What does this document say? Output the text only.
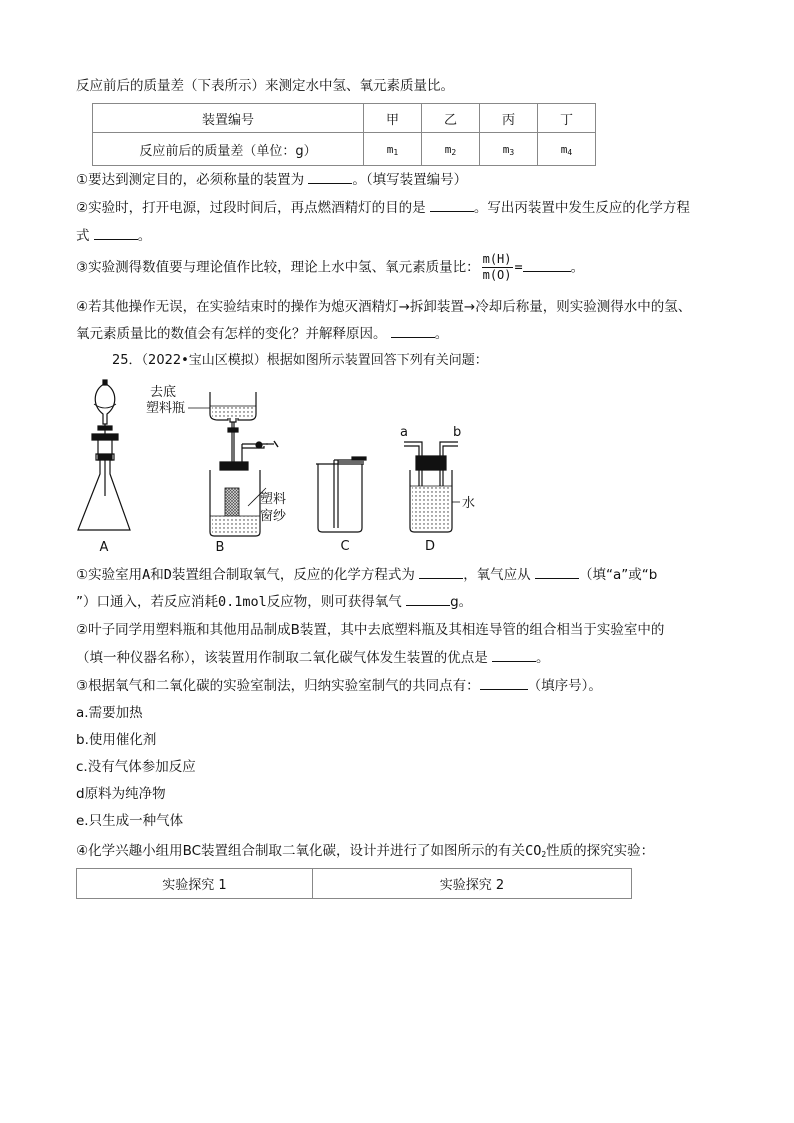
反应前后的质量差（下表所示）来测定水中氢、氧元素质量比。
装置编号	甲	乙	丙	丁
反应前后的质量差（单位：g）	$m_1$	$m_2$	$m_3$	$m_4$
①要达到测定目的，必须称量的装置为	。（填写装置编号）
②实验时，打开电源，过段时间后，再点燃酒精灯的目的是	。写出丙装置中发生反应的化学方程
式	。
③实验测得数值要与理论值作比较，理论上水中氢、氧元素质量比： $\frac{m(H)}{m(O)}$ =	。
④若其他操作无误，在实验结束时的操作为熄灭酒精灯→拆卸装置→冷却后称量，则实验测得水中的氢、
氧元素质量比的数值会有怎样的变化？并解释原因。	。
25．（2022•宝山区模拟）根据如图所示装置回答下列有关问题：
A
去底
塑料瓶
塑料
窗纱
B	C
a	b
水
D
①实验室用A和D装置组合制取氧气，反应的化学方程式为	，氧气应从	（填“a”或“b
”）口通入，若反应消耗0.1mol反应物，则可获得氧气	g。
②叶子同学用塑料瓶和其他用品制成B装置，其中去底塑料瓶及其相连导管的组合相当于实验室中的
（填一种仪器名称），该装置用作制取二氧化碳气体发生装置的优点是	。
③根据氧气和二氧化碳的实验室制法，归纳实验室制气的共同点有：	（填序号）。
a.需要加热
b.使用催化剂
c.没有气体参加反应
d原料为纯净物
e.只生成一种气体
④化学兴趣小组用BC装置组合制取二氧化碳，设计并进行了如图所示的有关$CO_2$性质的探究实验：
实验探究 1	实验探究 2
